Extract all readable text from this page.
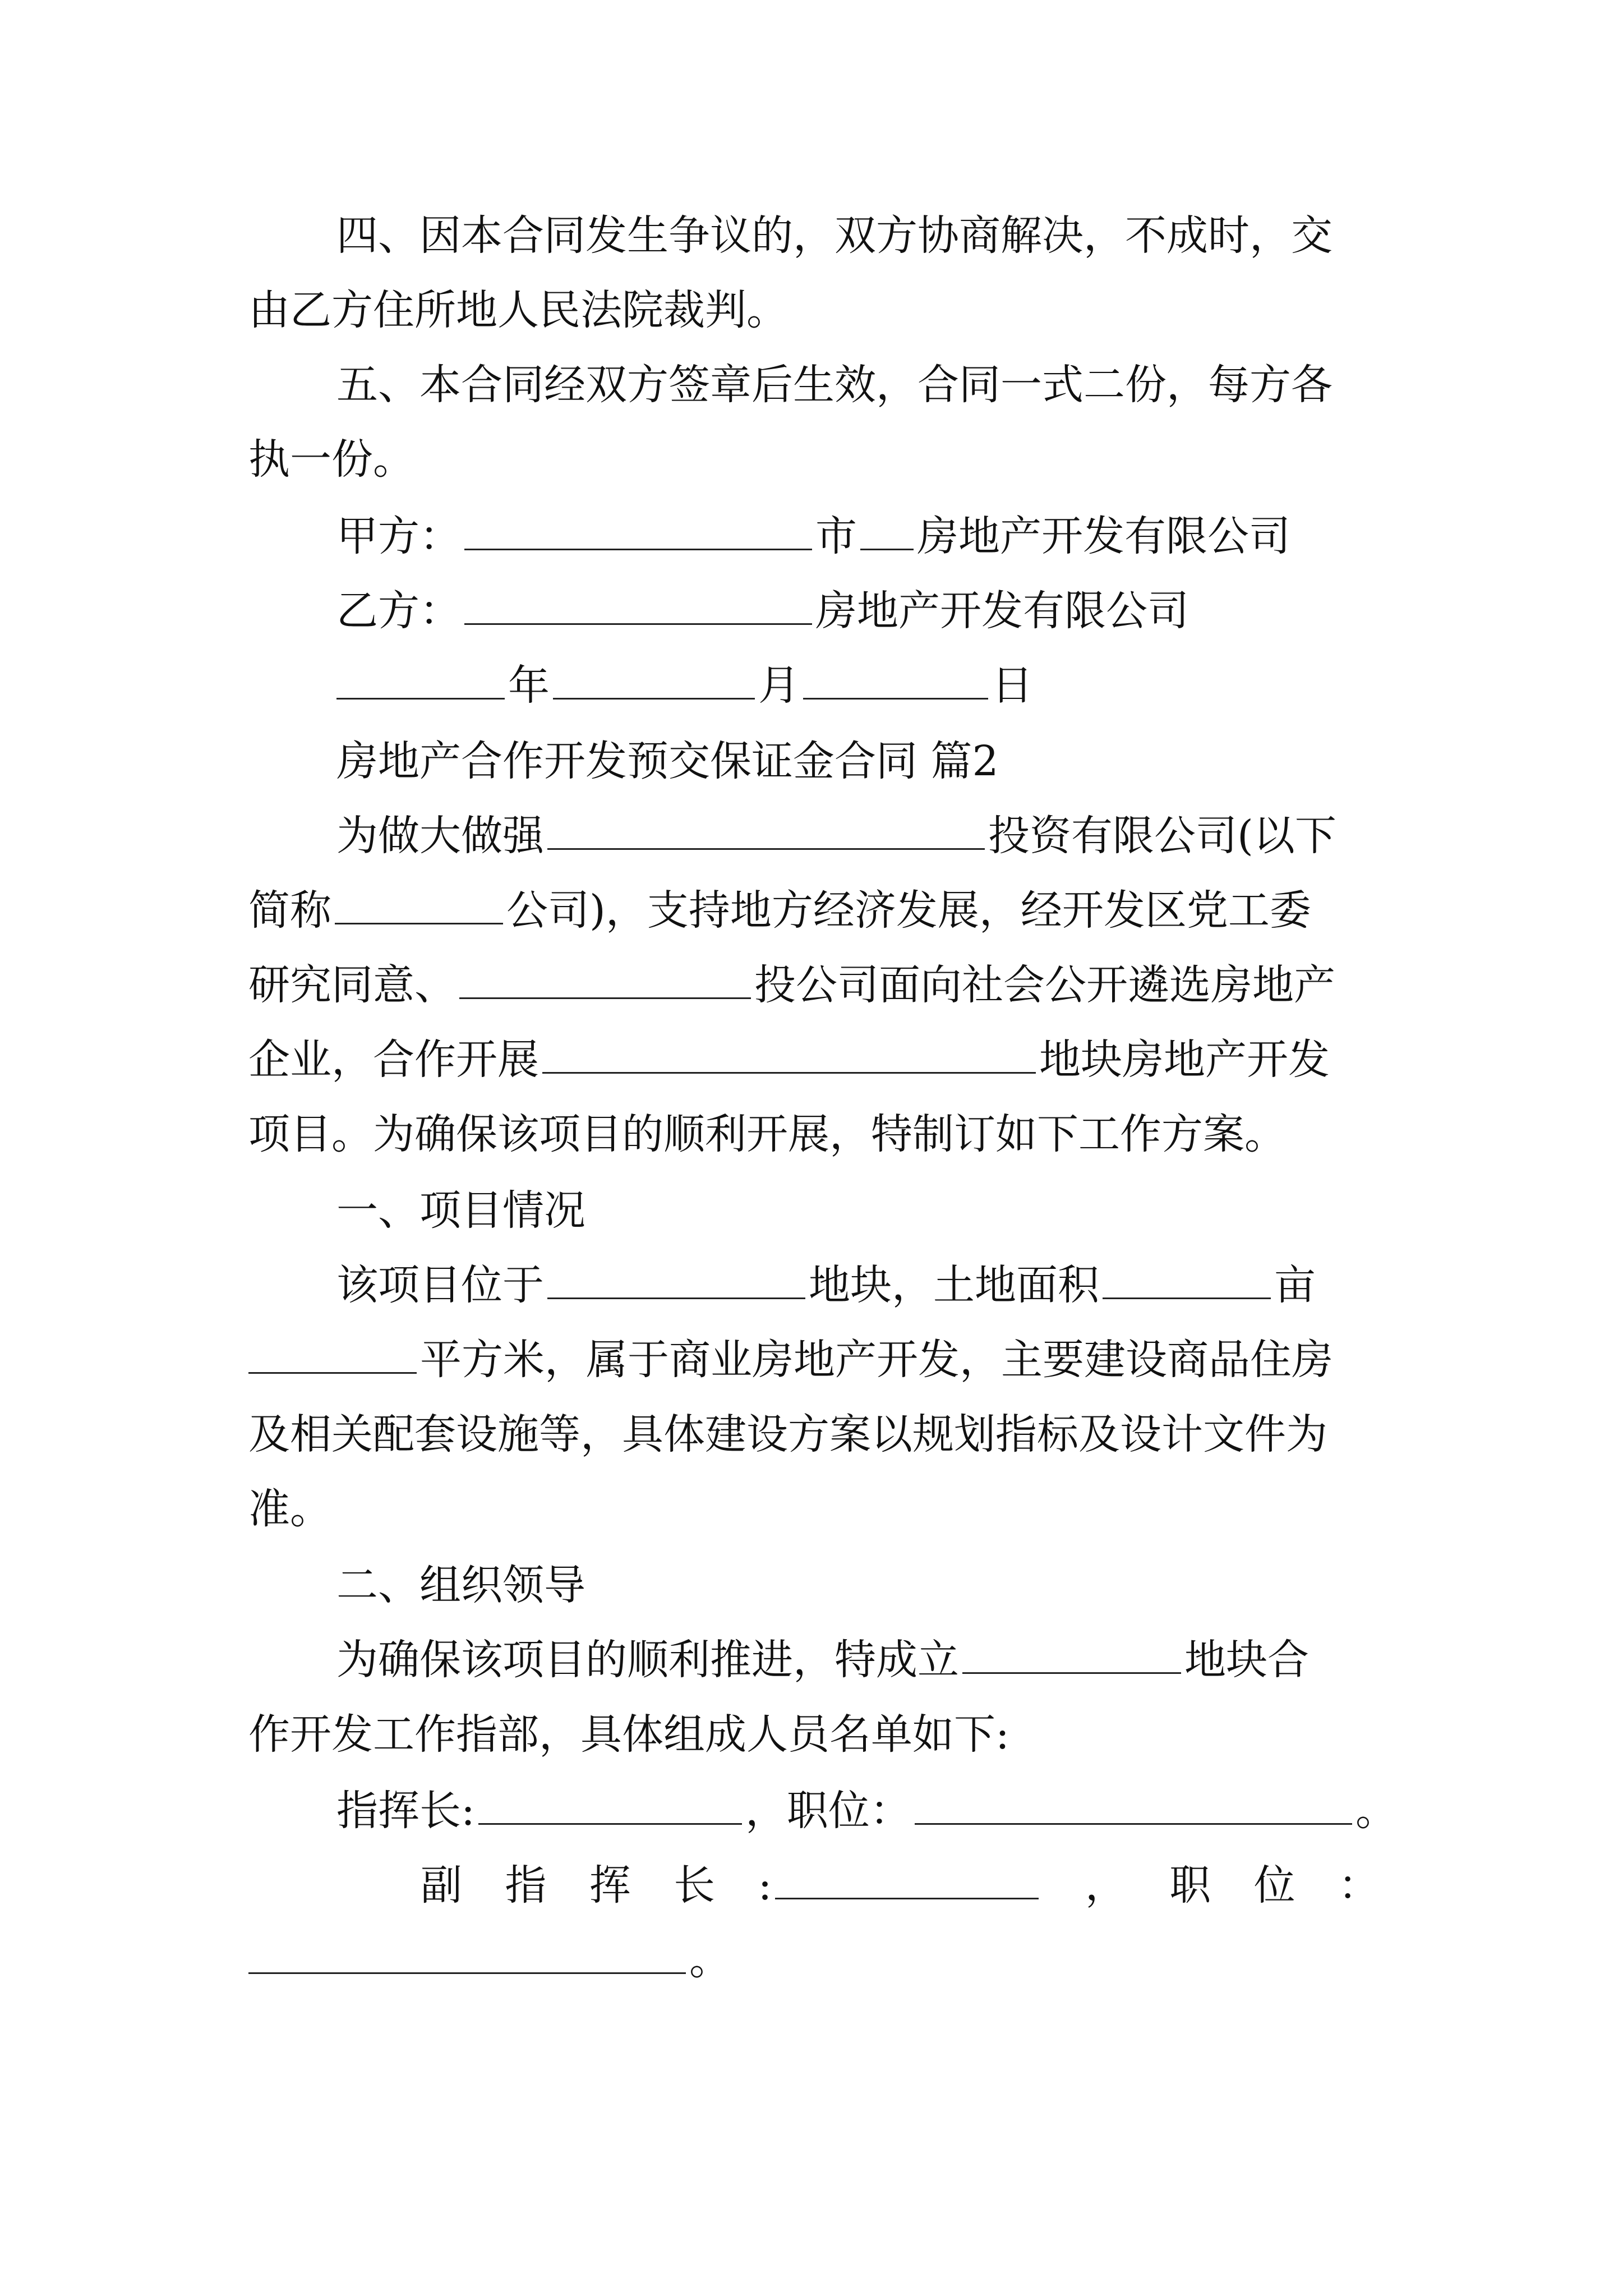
四、因本合同发生争议的，双方协商解决，不成时，交
由乙方住所地人民法院裁判。
五、本合同经双方签章后生效，合同一式二份，每方各
执一份。
甲方：	市 房地产开发有限公司
乙方：	房地产开发有限公司
年	月	日
房地产合作开发预交保证金合同 篇2
为做大做强	投资有限公司(以下
简称	公司)，支持地方经济发展，经开发区党工委
研究同意、	投公司面向社会公开遴选房地产
企业，合作开展	地块房地产开发
项目。为确保该项目的顺利开展，特制订如下工作方案。
一、项目情况
该项目位于	地块，土地面积	亩
平方米，属于商业房地产开发，主要建设商品住房
及相关配套设施等，具体建设方案以规划指标及设计文件为
准。
二、组织领导
为确保该项目的顺利推进，特成立	地块合
作开发工作指部，具体组成人员名单如下:
指挥长:	，职位：	。
副 指 挥 长 :	， 职 位 ：
。
